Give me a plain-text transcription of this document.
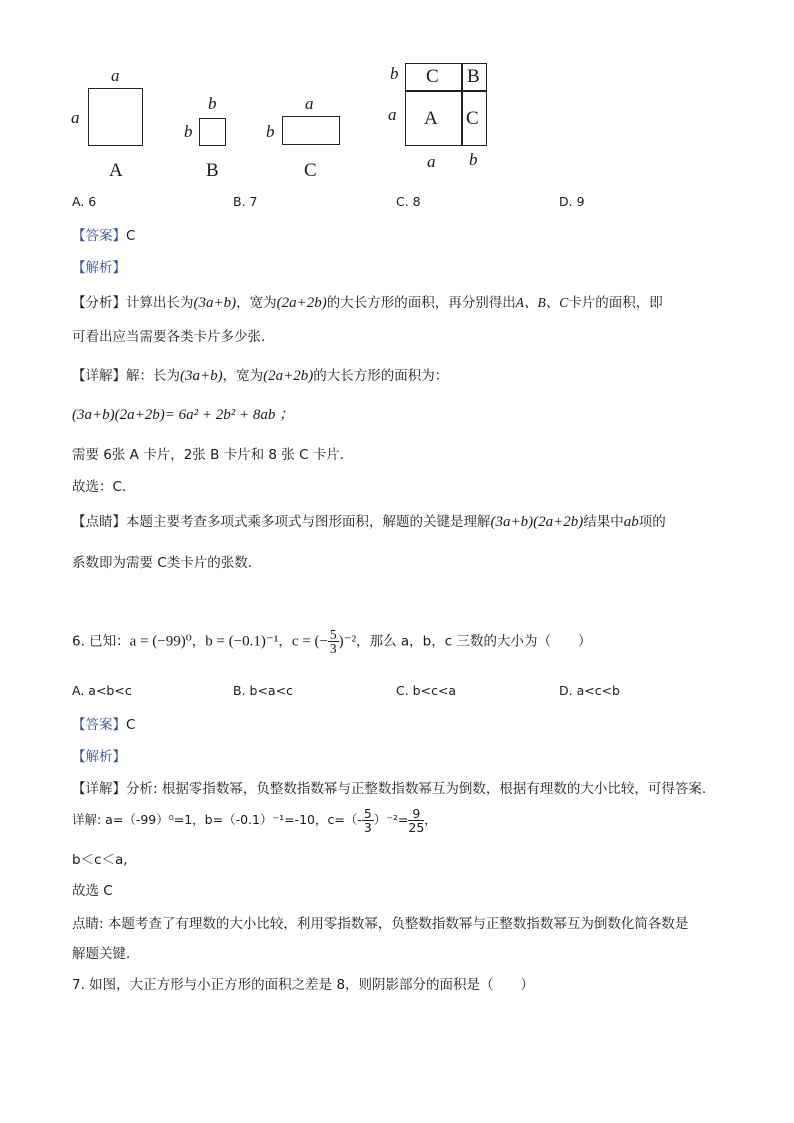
a
a
A
b
b
B
a
b
C
C B
A C
b
a
a b
A. 6	B. 7	C. 8	D. 9
【答案】C
【解析】
【分析】计算出长为(3a+b)，宽为(2a+2b)的大长方形的面积，再分别得出A、B、C卡片的面积，即
可看出应当需要各类卡片多少张．
【详解】解：长为(3a+b)，宽为(2a+2b)的大长方形的面积为：
(3a+b)(2a+2b)= 6a² + 2b² + 8ab ；
需要 6张 A 卡片，2张 B 卡片和 8 张 C 卡片．
故选：C．
【点睛】本题主要考查多项式乘多项式与图形面积，解题的关键是理解(3a+b)(2a+2b)结果中ab项的
系数即为需要 C类卡片的张数．
6. 已知：a = (−99)⁰，b = (−0.1)⁻¹，c = (− $\frac{5}{3} )^{-2}$，那么 a，b，c 三数的大小为（　　）
A. a<b<c	B. b<a<c	C. b<c<a	D. a<c<b
【答案】C
【解析】
【详解】分析: 根据零指数幂，负整数指数幂与正整数指数幂互为倒数，根据有理数的大小比较，可得答案.
详解: a=（-99）⁰=1，b=（-0.1）⁻¹=-10，$c=(- \frac{5}{3} )^{-2}= \frac{9}{25}$ ，
b＜c＜a,
故选 C
点睛: 本题考查了有理数的大小比较，利用零指数幂，负整数指数幂与正整数指数幂互为倒数化简各数是
解题关键．
7. 如图，大正方形与小正方形的面积之差是 8，则阴影部分的面积是（　　）
